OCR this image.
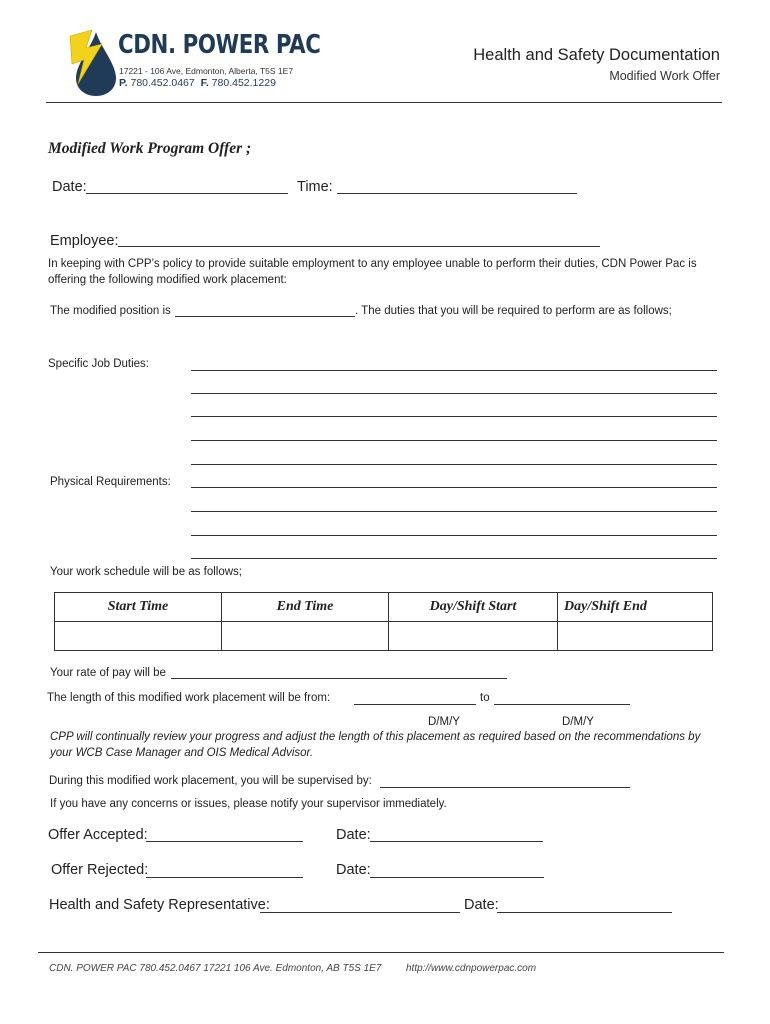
CDN. POWER PAC
17221 - 106 Ave, Edmonton, Alberta, T5S 1E7
P. 780.452.0467 F. 780.452.1229
Health and Safety Documentation
Modified Work Offer
Modified Work Program Offer ;
Date:	Time:
Employee:
In keeping with CPP’s policy to provide suitable employment to any employee unable to perform their duties, CDN Power Pac is
offering the following modified work placement:
The modified position is	. The duties that you will be required to perform are as follows;
Specific Job Duties:
Physical Requirements:
Your work schedule will be as follows;
Start Time	End Time	Day/Shift Start	Day/Shift End

Your rate of pay will be
The length of this modified work placement will be from:	to
D/M/Y	D/M/Y
CPP will continually review your progress and adjust the length of this placement as required based on the recommendations by
your WCB Case Manager and OIS Medical Advisor.
During this modified work placement, you will be supervised by:
If you have any concerns or issues, please notify your supervisor immediately.
Offer Accepted:	Date:
Offer Rejected:	Date:
Health and Safety Representative:	Date:
CDN. POWER PAC 780.452.0467 17221 106 Ave. Edmonton, AB T5S 1E7 http://www.cdnpowerpac.com
